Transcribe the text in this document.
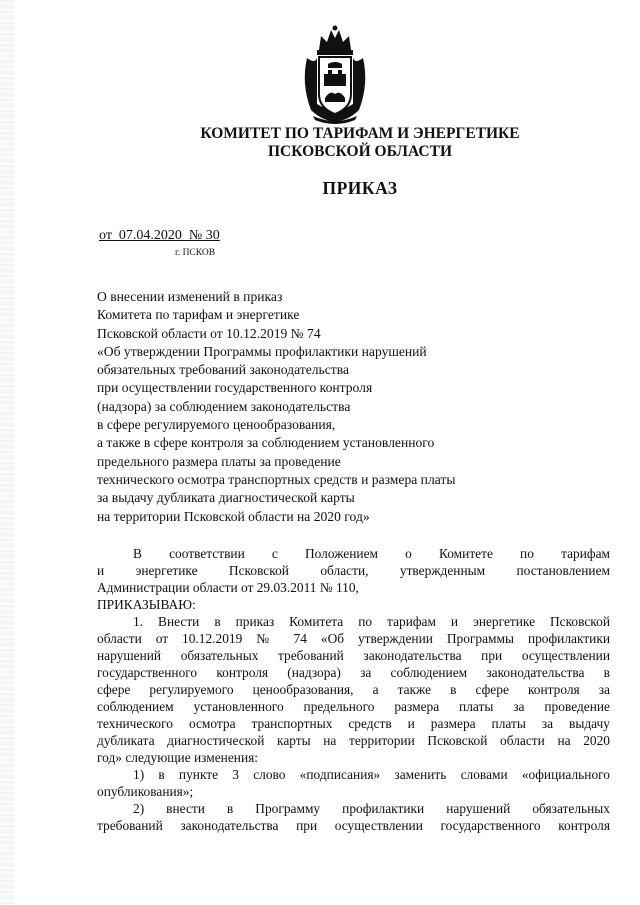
КОМИТЕТ ПО ТАРИФАМ И ЭНЕРГЕТИКЕ
ПСКОВСКОЙ ОБЛАСТИ
ПРИКАЗ
от  07.04.2020  № 30
г. ПСКОВ
О внесении изменений в приказ
Комитета по тарифам и энергетике
Псковской области от 10.12.2019 № 74
«Об утверждении Программы профилактики нарушений
обязательных требований законодательства
при осуществлении государственного контроля
(надзора) за соблюдением законодательства
в сфере регулируемого ценообразования,
а также в сфере контроля за соблюдением установленного
предельного размера платы за проведение
технического осмотра транспортных средств и размера платы
за выдачу дубликата диагностической карты
на территории Псковской области на 2020 год»
В соответствии с Положением о Комитете по тарифам
и энергетике Псковской области, утвержденным постановлением
Администрации области от 29.03.2011 № 110,
ПРИКАЗЫВАЮ:
1. Внести в приказ Комитета по тарифам и энергетике Псковской
области от 10.12.2019 № 74 «Об утверждении Программы профилактики
нарушений обязательных требований законодательства при осуществлении
государственного контроля (надзора) за соблюдением законодательства в
сфере регулируемого ценообразования, а также в сфере контроля за
соблюдением установленного предельного размера платы за проведение
технического осмотра транспортных средств и размера платы за выдачу
дубликата диагностической карты на территории Псковской области на 2020
год» следующие изменения:
1) в пункте 3 слово «подписания» заменить словами «официального
опубликования»;
2) внести в Программу профилактики нарушений обязательных
требований законодательства при осуществлении государственного контроля
